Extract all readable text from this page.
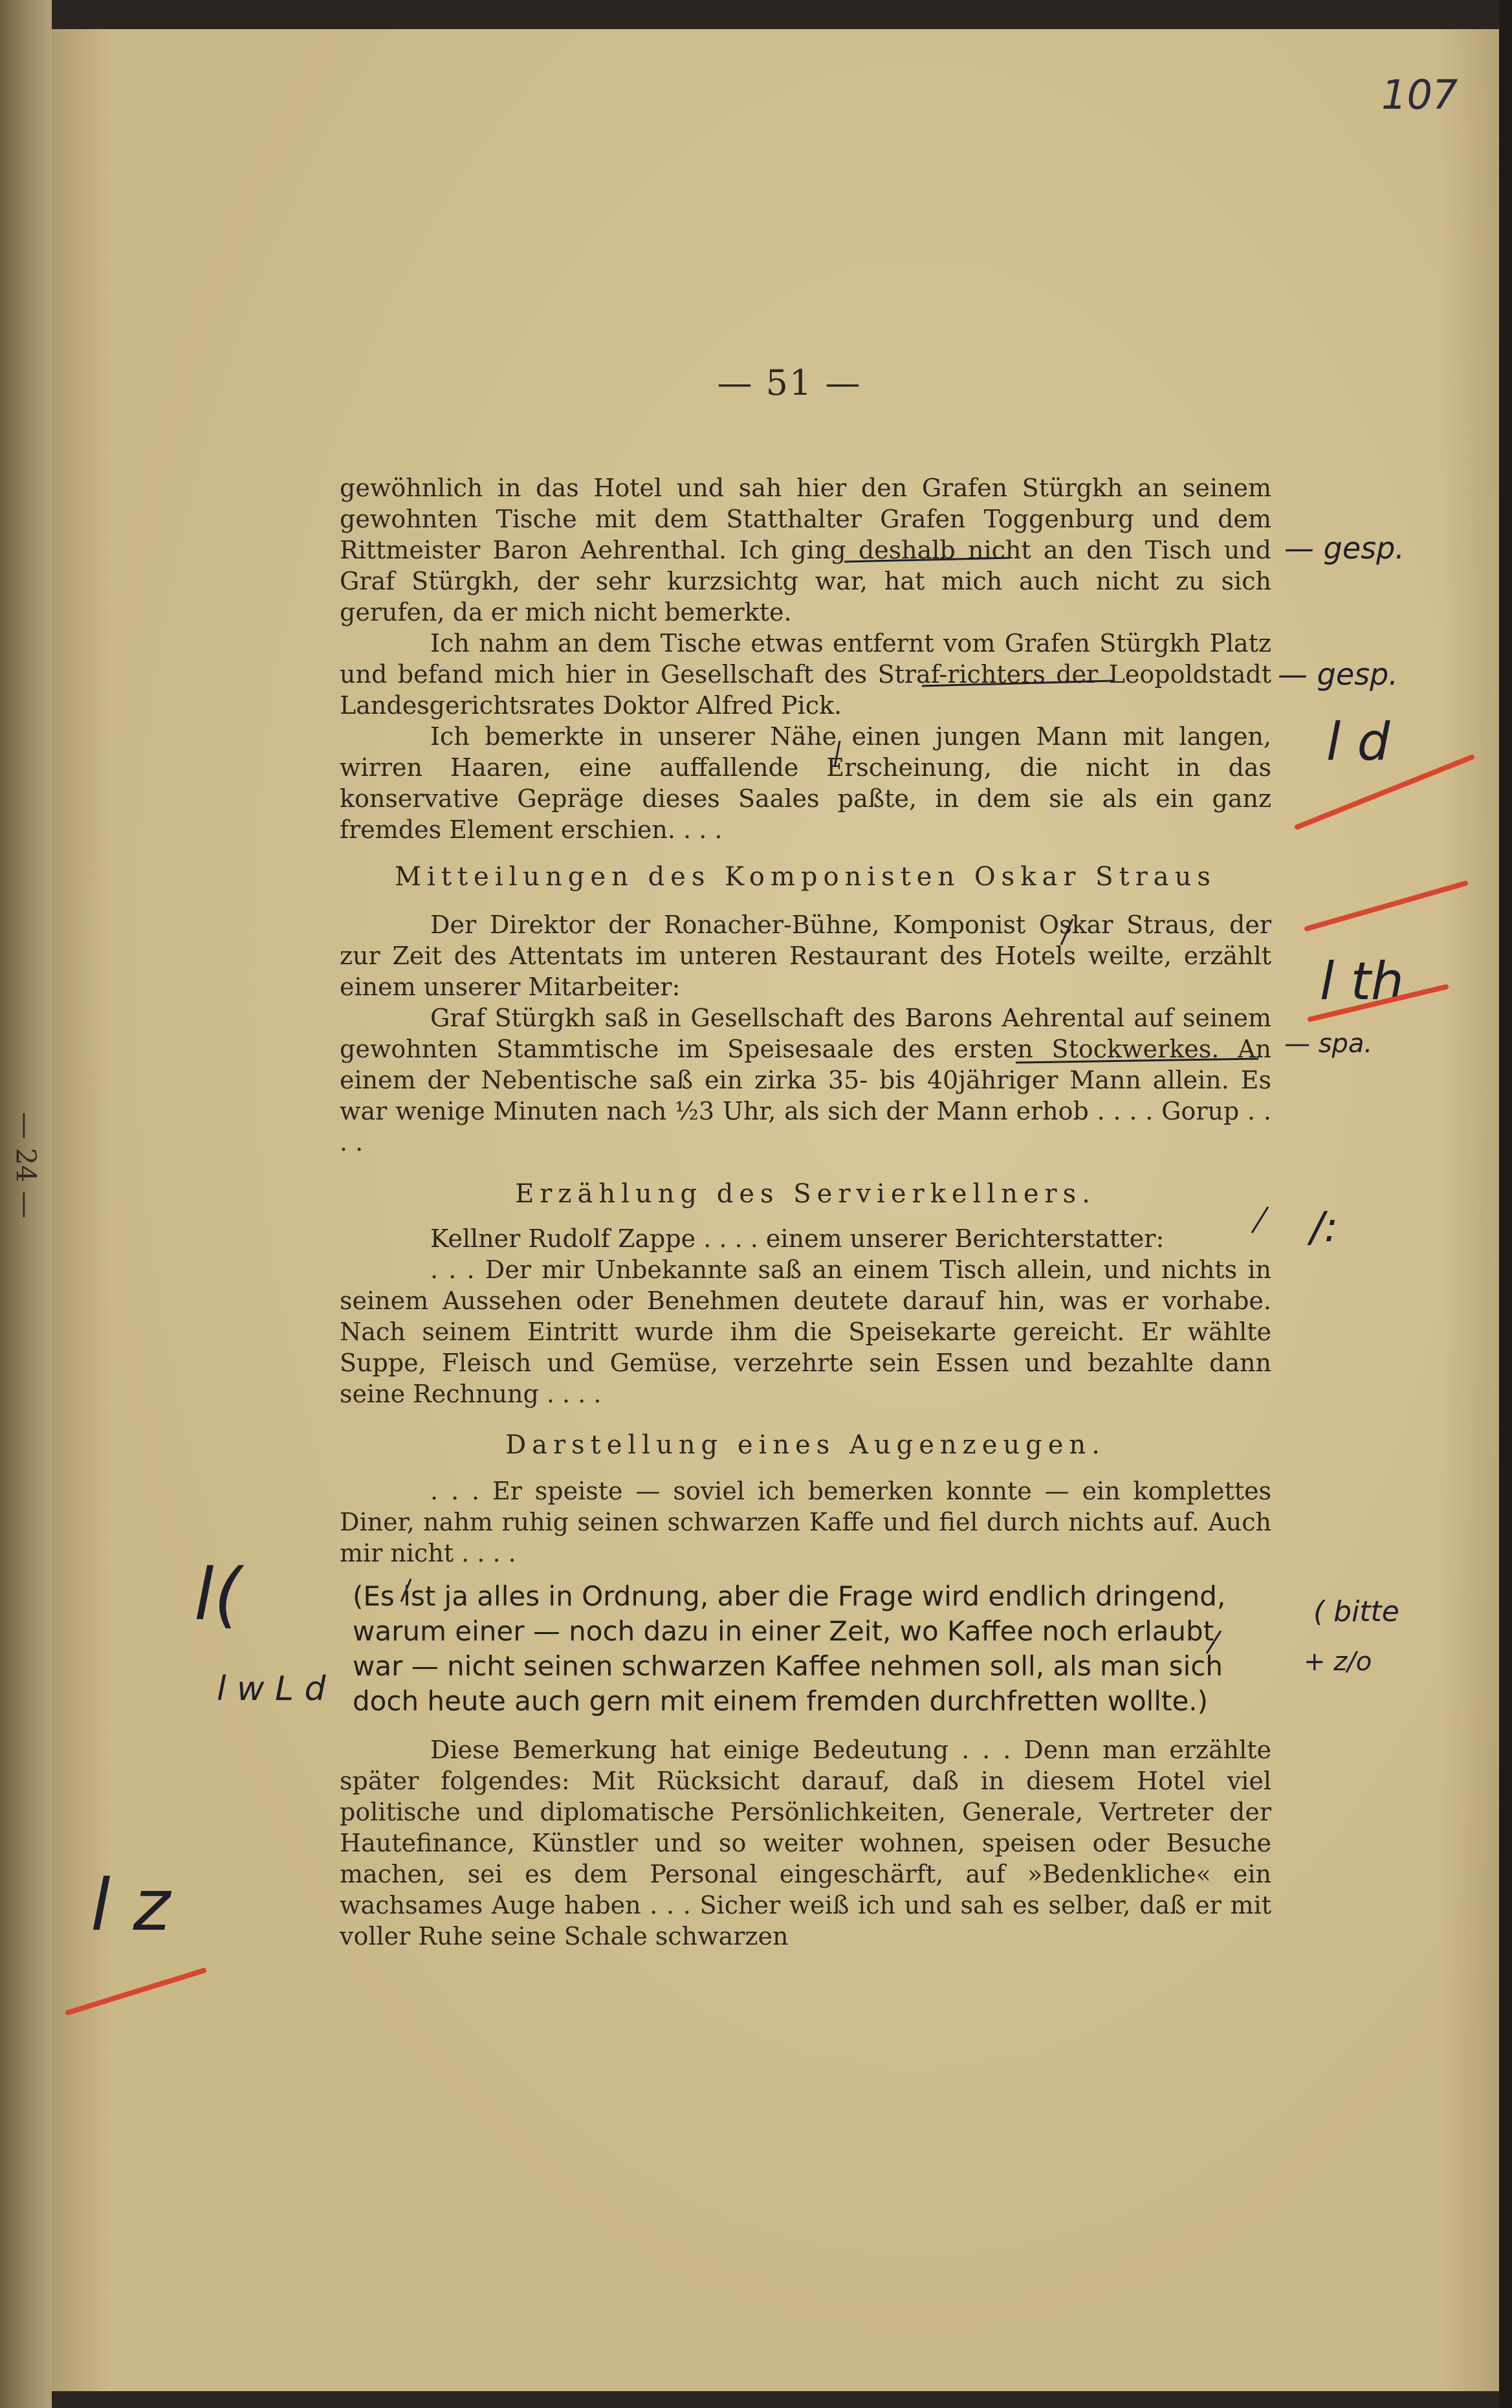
— 24 —
107
— 51 —

gewöhnlich in das Hotel und sah hier den Grafen Stürgkh an seinem gewohnten Tische mit dem Statthalter Grafen Toggenburg und dem Rittmeister Baron Aehrenthal. Ich ging deshalb nicht an den Tisch und Graf Stürgkh, der sehr kurzsichtg war, hat mich auch nicht zu sich gerufen, da er mich nicht bemerkte.

Ich nahm an dem Tische etwas entfernt vom Grafen Stürgkh Platz und befand mich hier in Gesellschaft des Straf-richters der Leopoldstadt Landesgerichtsrates Doktor Alfred Pick.

Ich bemerkte in unserer Nähe einen jungen Mann mit langen, wirren Haaren, eine auffallende Erscheinung, die nicht in das konservative Gepräge dieses Saales paßte, in dem sie als ein ganz fremdes Element erschien. . . .

Mitteilungen des Komponisten Oskar Straus

Der Direktor der Ronacher-Bühne, Komponist Oskar Straus, der zur Zeit des Attentats im unteren Restaurant des Hotels weilte, erzählt einem unserer Mitarbeiter:

Graf Stürgkh saß in Gesellschaft des Barons Aehrental auf seinem gewohnten Stammtische im Speisesaale des ersten Stockwerkes. An einem der Nebentische saß ein zirka 35- bis 40jähriger Mann allein. Es war wenige Minuten nach ½3 Uhr, als sich der Mann erhob . . . . Gorup . . . .

Erzählung des Servierkellners.

Kellner Rudolf Zappe . . . . einem unserer Berichterstatter:

. . . Der mir Unbekannte saß an einem Tisch allein, und nichts in seinem Aussehen oder Benehmen deutete darauf hin, was er vorhabe. Nach seinem Eintritt wurde ihm die Speisekarte gereicht. Er wählte Suppe, Fleisch und Gemüse, verzehrte sein Essen und bezahlte dann seine Rechnung . . . .

Darstellung eines Augenzeugen.

. . . Er speiste — soviel ich bemerken konnte — ein komplettes Diner, nahm ruhig seinen schwarzen Kaffe und fiel durch nichts auf. Auch mir nicht . . . .

(Es ist ja alles in Ordnung, aber die Frage wird endlich dringend, warum einer — noch dazu in einer Zeit, wo Kaffee noch erlaubt war — nicht seinen schwarzen Kaffee nehmen soll, als man sich doch heute auch gern mit einem fremden durchfretten wollte.)

Diese Bemerkung hat einige Bedeutung . . . Denn man erzählte später folgendes: Mit Rücksicht darauf, daß in diesem Hotel viel politische und diplomatische Persönlichkeiten, Generale, Vertreter der Hautefinance, Künstler und so weiter wohnen, speisen oder Besuche machen, sei es dem Personal eingeschärft, auf »Bedenkliche« ein wachsames Auge haben . . . Sicher weiß ich und sah es selber, daß er mit voller Ruhe seine Schale schwarzen

— gesp.
— gesp.
l d
l th
— spa.
/:
( bitte
+ z/o
l(
l w L d
l z
